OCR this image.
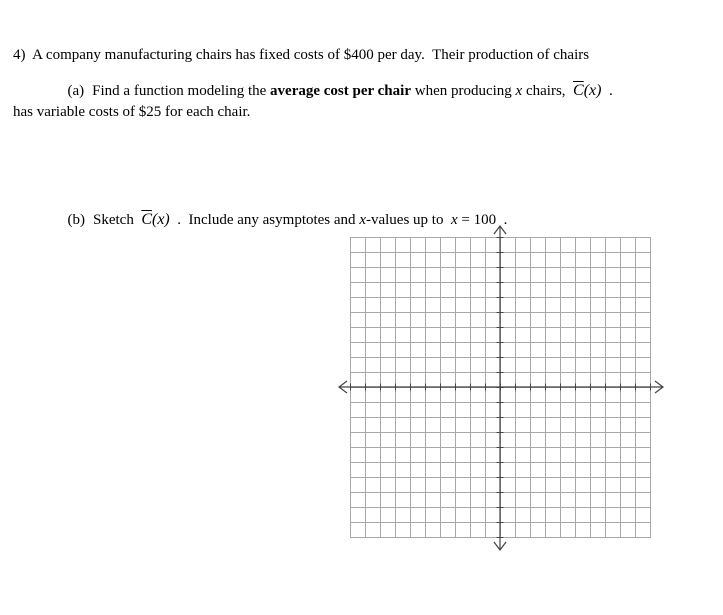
4)  A company manufacturing chairs has fixed costs of $400 per day.  Their production of chairs

has variable costs of $25 for each chair.

(a) Find a function modeling the average cost per chair when producing x chairs,  $\overline{C}(x)$  .

(b) Sketch  $\overline{C}(x)$  .  Include any asymptotes and x-values up to  x = 100  .
